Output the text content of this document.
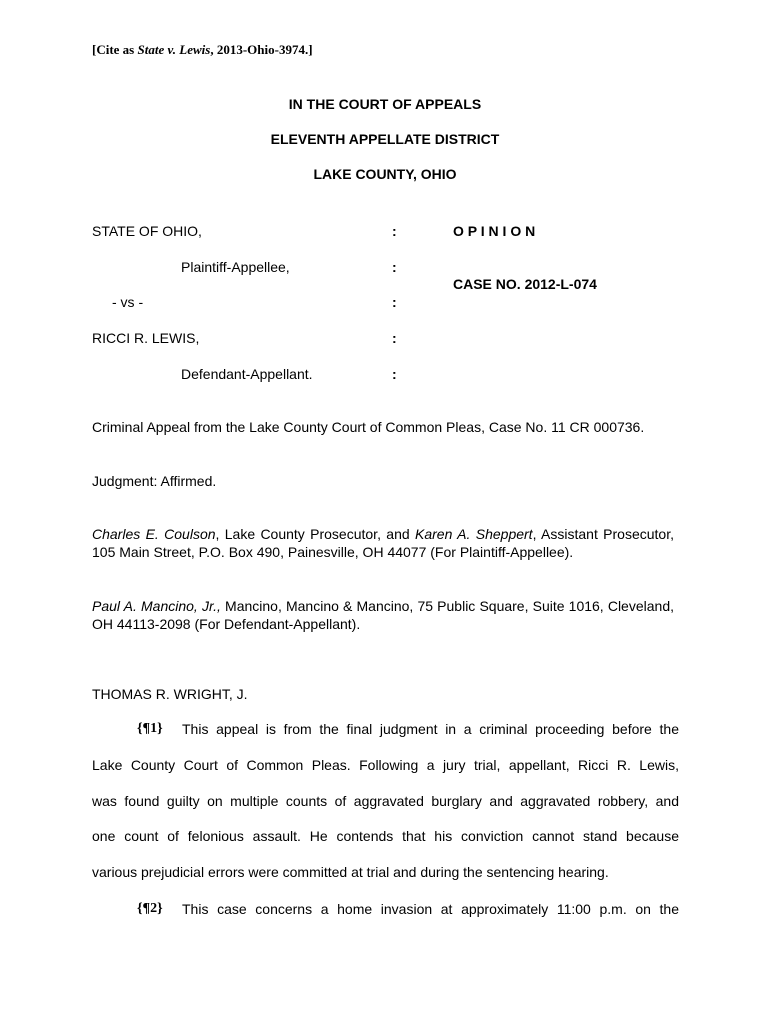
[Cite as State v. Lewis, 2013-Ohio-3974.]
IN THE COURT OF APPEALS
ELEVENTH APPELLATE DISTRICT
LAKE COUNTY, OHIO
STATE OF OHIO,
Plaintiff-Appellee,
- vs -
RICCI R. LEWIS,
Defendant-Appellant.
:
:
:
:
:
O P I N I O N
CASE NO. 2012-L-074
Criminal Appeal from the Lake County Court of Common Pleas, Case No. 11 CR 000736.
Judgment: Affirmed.
Charles E. Coulson, Lake County Prosecutor, and Karen A. Sheppert, Assistant Prosecutor, 105 Main Street, P.O. Box 490, Painesville, OH 44077 (For Plaintiff-Appellee).
Paul A. Mancino, Jr., Mancino, Mancino & Mancino, 75 Public Square, Suite 1016, Cleveland, OH 44113-2098 (For Defendant-Appellant).
THOMAS R. WRIGHT, J.
{¶1} This appeal is from the final judgment in a criminal proceeding before the
Lake County Court of Common Pleas. Following a jury trial, appellant, Ricci R. Lewis,
was found guilty on multiple counts of aggravated burglary and aggravated robbery, and
one count of felonious assault. He contends that his conviction cannot stand because
various prejudicial errors were committed at trial and during the sentencing hearing.
{¶2} This case concerns a home invasion at approximately 11:00 p.m. on the
